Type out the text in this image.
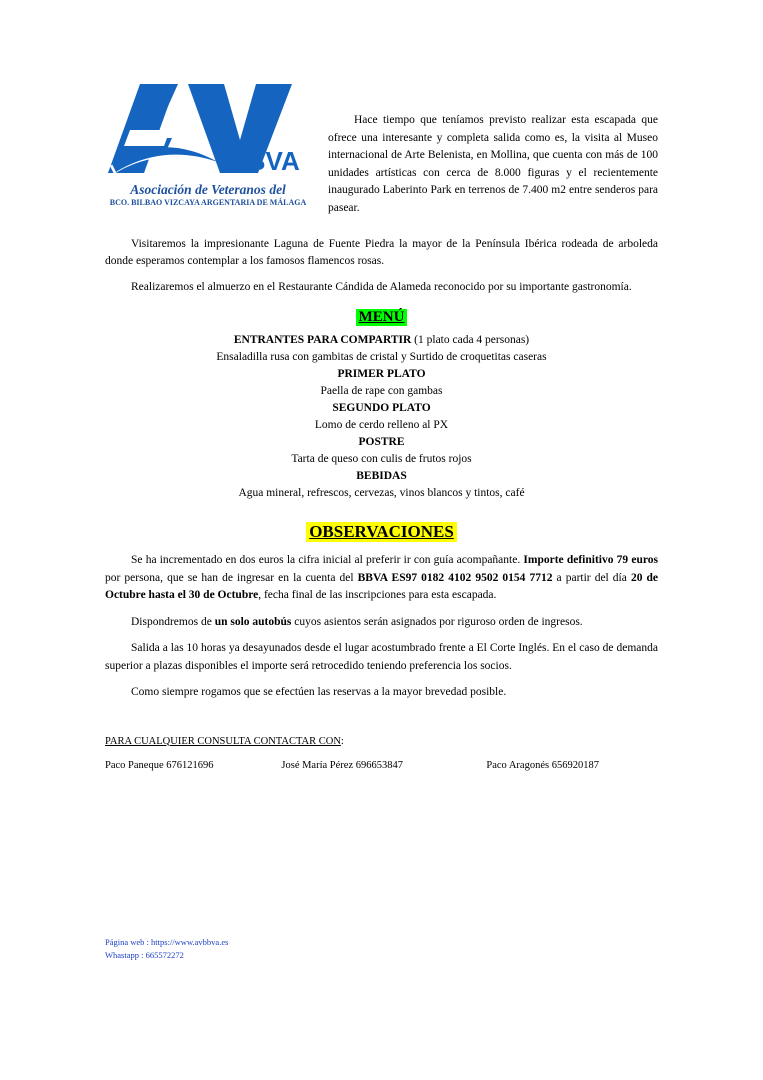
BBVA
Asociación de Veteranos del
BCO. BILBAO VIZCAYA ARGENTARIA DE MÁLAGA

Hace tiempo que teníamos previsto realizar esta escapada que ofrece una interesante y completa salida como es, la visita al Museo internacional de Arte Belenista, en Mollina, que cuenta con más de 100 unidades artísticas con cerca de 8.000 figuras y el recientemente inaugurado Laberinto Park en terrenos de 7.400 m2 entre senderos para pasear.

Visitaremos la impresionante Laguna de Fuente Piedra la mayor de la Península Ibérica rodeada de arboleda donde esperamos contemplar a los famosos flamencos rosas.

Realizaremos el almuerzo en el Restaurante Cándida de Alameda reconocido por su importante gastronomía.

MENÚ

ENTRANTES PARA COMPARTIR (1 plato cada 4 personas)

Ensaladilla rusa con gambitas de cristal y Surtido de croquetitas caseras

PRIMER PLATO

Paella de rape con gambas

SEGUNDO PLATO

Lomo de cerdo relleno al PX

POSTRE

Tarta de queso con culis de frutos rojos

BEBIDAS

Agua mineral, refrescos, cervezas, vinos blancos y tintos, café

OBSERVACIONES

Se ha incrementado en dos euros la cifra inicial al preferir ir con guía acompañante. Importe definitivo 79 euros por persona, que se han de ingresar en la cuenta del BBVA ES97 0182 4102 9502 0154 7712 a partir del día 20 de Octubre hasta el 30 de Octubre, fecha final de las inscripciones para esta escapada.

Dispondremos de un solo autobús cuyos asientos serán asignados por riguroso orden de ingresos.

Salida a las 10 horas ya desayunados desde el lugar acostumbrado frente a El Corte Inglés. En el caso de demanda superior a plazas disponibles el importe será retrocedido teniendo preferencia los socios.

Como siempre rogamos que se efectúen las reservas a la mayor brevedad posible.

PARA CUALQUIER CONSULTA CONTACTAR CON:
Paco Paneque 676121696	José María Pérez 696653847	Paco Aragonés 656920187
Página web : https://www.avbbva.es
Whastapp : 665572272
